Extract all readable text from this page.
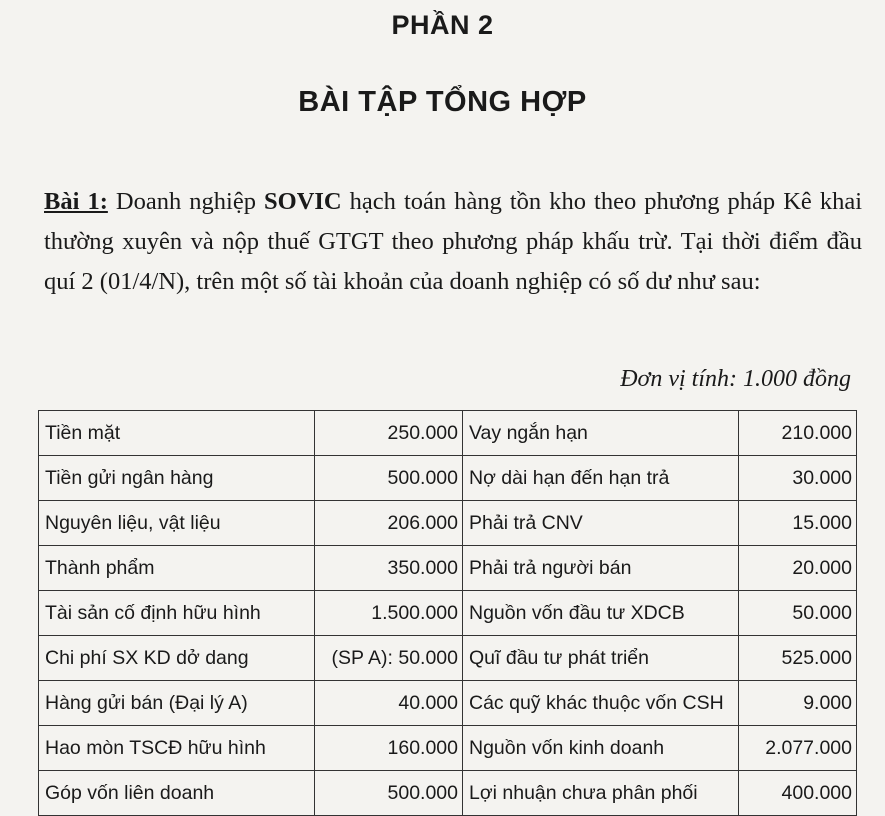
PHẦN 2
BÀI TẬP TỔNG HỢP
Bài 1: Doanh nghiệp SOVIC hạch toán hàng tồn kho theo phương pháp Kê khai thường xuyên và nộp thuế GTGT theo phương pháp khấu trừ. Tại thời điểm đầu quí 2 (01/4/N), trên một số tài khoản của doanh nghiệp có số dư như sau:
Đơn vị tính: 1.000 đồng
Tiền mặt	250.000	Vay ngắn hạn	210.000
Tiền gửi ngân hàng	500.000	Nợ dài hạn đến hạn trả	30.000
Nguyên liệu, vật liệu	206.000	Phải trả CNV	15.000
Thành phẩm	350.000	Phải trả người bán	20.000
Tài sản cố định hữu hình	1.500.000	Nguồn vốn đầu tư XDCB	50.000
Chi phí SX KD dở dang	(SP A): 50.000	Quĩ đầu tư phát triển	525.000
Hàng gửi bán (Đại lý A)	40.000	Các quỹ khác thuộc vốn CSH	9.000
Hao mòn TSCĐ hữu hình	160.000	Nguồn vốn kinh doanh	2.077.000
Góp vốn liên doanh	500.000	Lợi nhuận chưa phân phối	400.000
